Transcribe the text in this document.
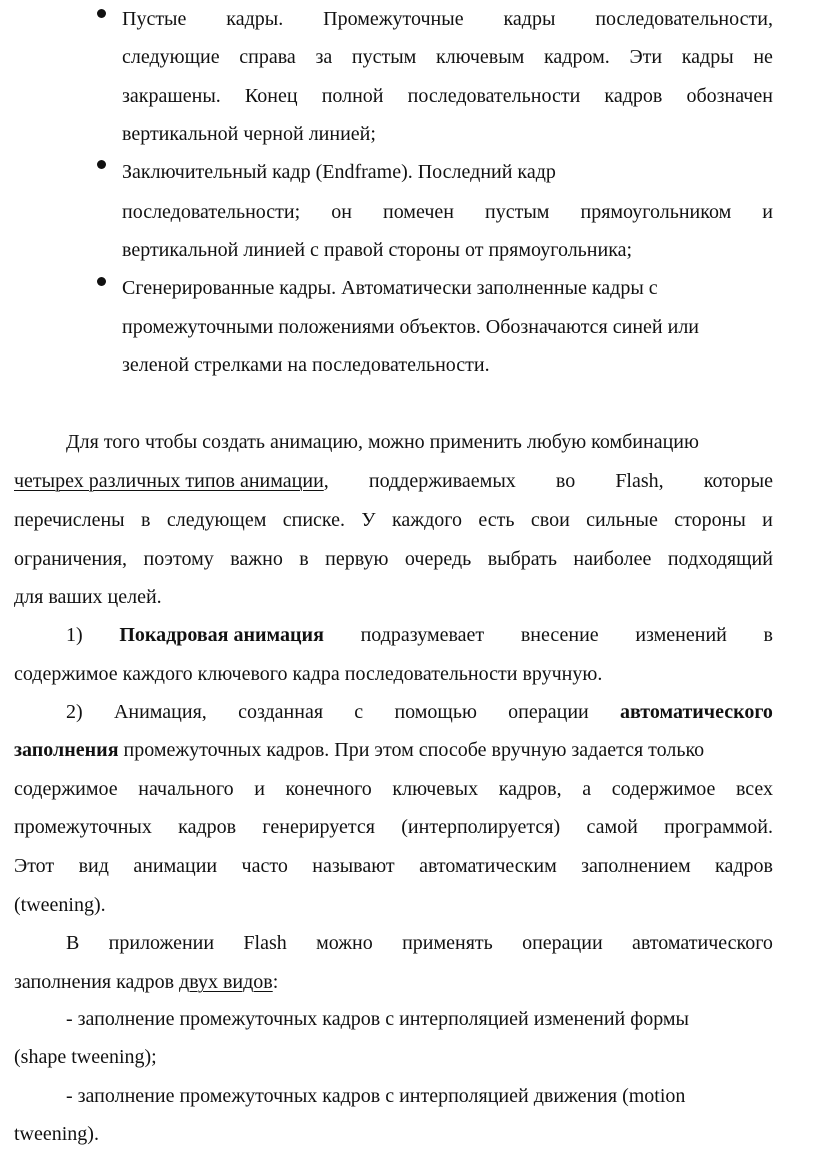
Пустые кадры. Промежуточные кадры последовательности,
следующие справа за пустым ключевым кадром. Эти кадры не
закрашены. Конец полной последовательности кадров обозначен
вертикальной черной линией;
Заключительный кадр (Endframe). Последний кадр
последовательности; он помечен пустым прямоугольником и
вертикальной линией с правой стороны от прямоугольника;
Сгенерированные кадры. Автоматически заполненные кадры с
промежуточными положениями объектов. Обозначаются синей или
зеленой стрелками на последовательности.
Для того чтобы создать анимацию, можно применить любую комбинацию
четырех различных типов анимации, поддерживаемых во Flash, которые
перечислены в следующем списке. У каждого есть свои сильные стороны и
ограничения, поэтому важно в первую очередь выбрать наиболее подходящий
для ваших целей.
1) Покадровая анимация подразумевает внесение изменений в
содержимое каждого ключевого кадра последовательности вручную.
2) Анимация, созданная с помощью операции автоматического
заполнения промежуточных кадров. При этом способе вручную задается только
содержимое начального и конечного ключевых кадров, а содержимое всех
промежуточных кадров генерируется (интерполируется) самой программой.
Этот вид анимации часто называют автоматическим заполнением кадров
(tweening).
В приложении Flash можно применять операции автоматического
заполнения кадров двух видов:
- заполнение промежуточных кадров с интерполяцией изменений формы
(shape tweening);
- заполнение промежуточных кадров с интерполяцией движения (motion
tweening).
